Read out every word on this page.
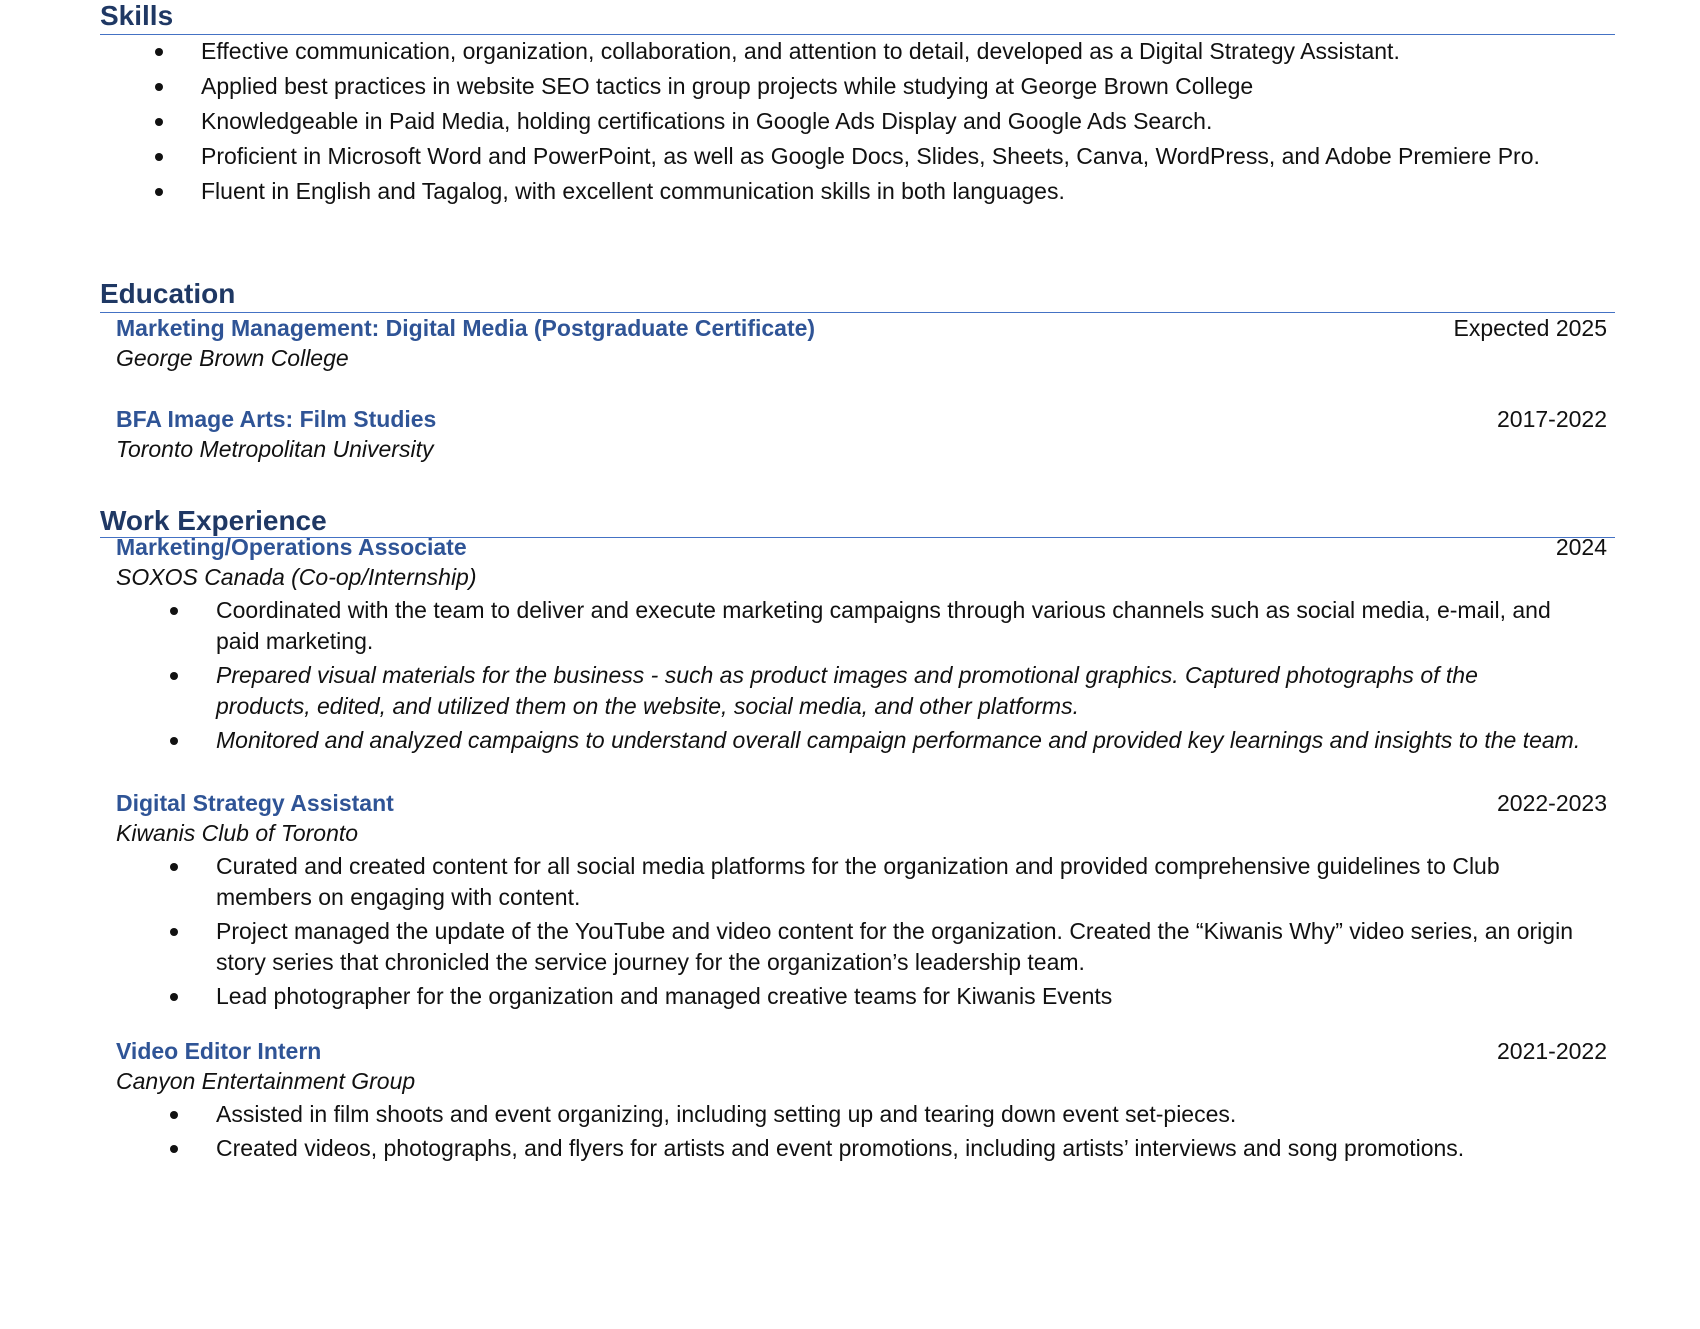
Skills
Effective communication, organization, collaboration, and attention to detail, developed as a Digital Strategy Assistant.
Applied best practices in website SEO tactics in group projects while studying at George Brown College
Knowledgeable in Paid Media, holding certifications in Google Ads Display and Google Ads Search.
Proficient in Microsoft Word and PowerPoint, as well as Google Docs, Slides, Sheets, Canva, WordPress, and Adobe Premiere Pro.
Fluent in English and Tagalog, with excellent communication skills in both languages.
Education
Marketing Management: Digital Media (Postgraduate Certificate)	Expected 2025
George Brown College
BFA Image Arts: Film Studies	2017-2022
Toronto Metropolitan University
Work Experience
Marketing/Operations Associate	2024
SOXOS Canada (Co-op/Internship)
Coordinated with the team to deliver and execute marketing campaigns through various channels such as social media, e-mail, and paid marketing.
Prepared visual materials for the business - such as product images and promotional graphics. Captured photographs of the products, edited, and utilized them on the website, social media, and other platforms.
Monitored and analyzed campaigns to understand overall campaign performance and provided key learnings and insights to the team.
Digital Strategy Assistant	2022-2023
Kiwanis Club of Toronto
Curated and created content for all social media platforms for the organization and provided comprehensive guidelines to Club members on engaging with content.
Project managed the update of the YouTube and video content for the organization. Created the “Kiwanis Why” video series, an origin story series that chronicled the service journey for the organization’s leadership team.
Lead photographer for the organization and managed creative teams for Kiwanis Events
Video Editor Intern	2021-2022
Canyon Entertainment Group
Assisted in film shoots and event organizing, including setting up and tearing down event set-pieces.
Created videos, photographs, and flyers for artists and event promotions, including artists’ interviews and song promotions.
